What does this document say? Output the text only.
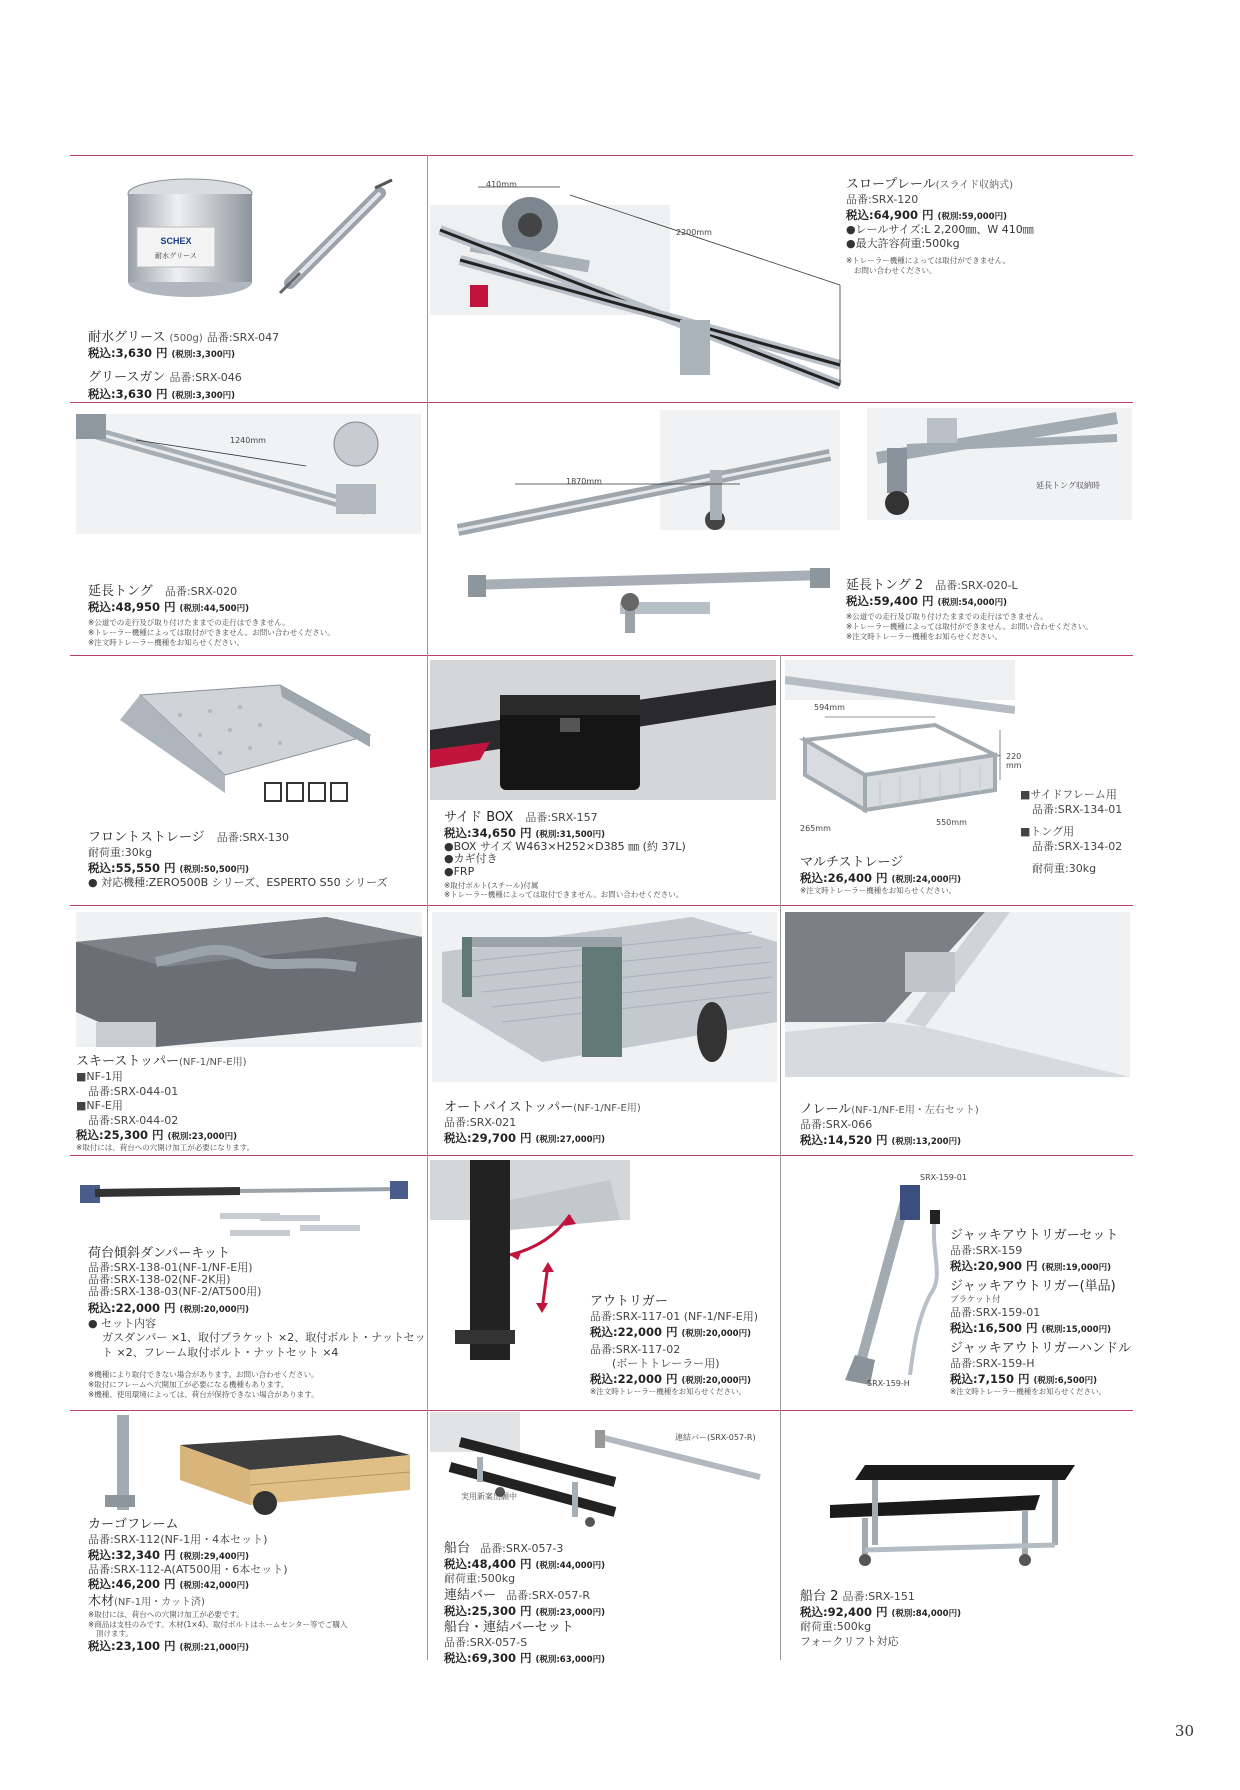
SCHEX
耐水グリース
耐水グリース (500g) 品番:SRX-047
税込:3,630 円 (税別:3,300円)
グリースガン 品番:SRX-046
税込:3,630 円 (税別:3,300円)
410mm
2200mm
スロープレール(スライド収納式)
品番:SRX-120
税込:64,900 円 (税別:59,000円)
●レールサイズ:L 2,200㎜、W 410㎜
●最大許容荷重:500kg
※トレーラー機種によっては取付ができません。
お問い合わせください。
1240mm
延長トング 品番:SRX-020
税込:48,950 円 (税別:44,500円)
※公道での走行及び取り付けたままでの走行はできません。
※トレーラー機種によっては取付ができません。お問い合わせください。
※注文時トレーラー機種をお知らせください。
1870mm	延長トング収納時
延長トング 2 品番:SRX-020-L
税込:59,400 円 (税別:54,000円)
※公道での走行及び取り付けたままでの走行はできません。
※トレーラー機種によっては取付ができません。お問い合わせください。
※注文時トレーラー機種をお知らせください。
フロントストレージ 品番:SRX-130
耐荷重:30kg
税込:55,550 円 (税別:50,500円)
● 対応機種:ZERO500B シリーズ、ESPERTO S50 シリーズ
サイド BOX 品番:SRX-157
税込:34,650 円 (税別:31,500円)
●BOX サイズ W463×H252×D385 ㎜ (約 37L)
●カギ付き
●FRP
※取付ボルト(スチール)付属
※トレーラー機種によっては取付できません。お問い合わせください。
594mm
220
mm
265mm
550mm
■サイドフレーム用
品番:SRX-134-01
■トング用
品番:SRX-134-02
耐荷重:30kg
マルチストレージ
税込:26,400 円 (税別:24,000円)
※注文時トレーラー機種をお知らせください。
スキーストッパー(NF-1/NF-E用)
■NF-1用
品番:SRX-044-01
■NF-E用
品番:SRX-044-02
税込:25,300 円 (税別:23,000円)
※取付には、荷台への穴開け加工が必要になります。
オートバイストッパー(NF-1/NF-E用)
品番:SRX-021
税込:29,700 円 (税別:27,000円)
ノレール(NF-1/NF-E用・左右セット)
品番:SRX-066
税込:14,520 円 (税別:13,200円)
荷台傾斜ダンパーキット
品番:SRX-138-01(NF-1/NF-E用)
品番:SRX-138-02(NF-2K用)
品番:SRX-138-03(NF-2/AT500用)
税込:22,000 円 (税別:20,000円)
● セット内容
ガスダンパー ×1、取付ブラケット ×2、取付ボルト・ナットセッ
ト ×2、フレーム取付ボルト・ナットセット ×4
※機種により取付できない場合があります。お問い合わせください。
※取付にフレームへ穴開加工が必要になる機種もあります。
※機種、使用環境によっては、荷台が保持できない場合があります。
アウトリガー
品番:SRX-117-01 (NF-1/NF-E用)
税込:22,000 円 (税別:20,000円)
品番:SRX-117-02
(ボートトレーラー用)
税込:22,000 円 (税別:20,000円)
※注文時トレーラー機種をお知らせください。
SRX-159-01
SRX-159-H
ジャッキアウトリガーセット
品番:SRX-159
税込:20,900 円 (税別:19,000円)
ジャッキアウトリガー(単品)
ブラケット付
品番:SRX-159-01
税込:16,500 円 (税別:15,000円)
ジャッキアウトリガーハンドル
品番:SRX-159-H
税込:7,150 円 (税別:6,500円)
※注文時トレーラー機種をお知らせください。
カーゴフレーム
品番:SRX-112(NF-1用・4本セット)
税込:32,340 円 (税別:29,400円)
品番:SRX-112-A(AT500用・6本セット)
税込:46,200 円 (税別:42,000円)
木材(NF-1用・カット済)
※取付には、荷台への穴開け加工が必要です。
※商品は支柱のみです。木材(1×4)、取付ボルトはホームセンター等でご購入
頂けます。
税込:23,100 円 (税別:21,000円)
連結バー(SRX-057-R)
実用新案出願中
船台 品番:SRX-057-3
税込:48,400 円 (税別:44,000円)
耐荷重:500kg
連結バー 品番:SRX-057-R
税込:25,300 円 (税別:23,000円)
船台・連結バーセット
品番:SRX-057-S
税込:69,300 円 (税別:63,000円)
船台 2 品番:SRX-151
税込:92,400 円 (税別:84,000円)
耐荷重:500kg
フォークリフト対応
30
